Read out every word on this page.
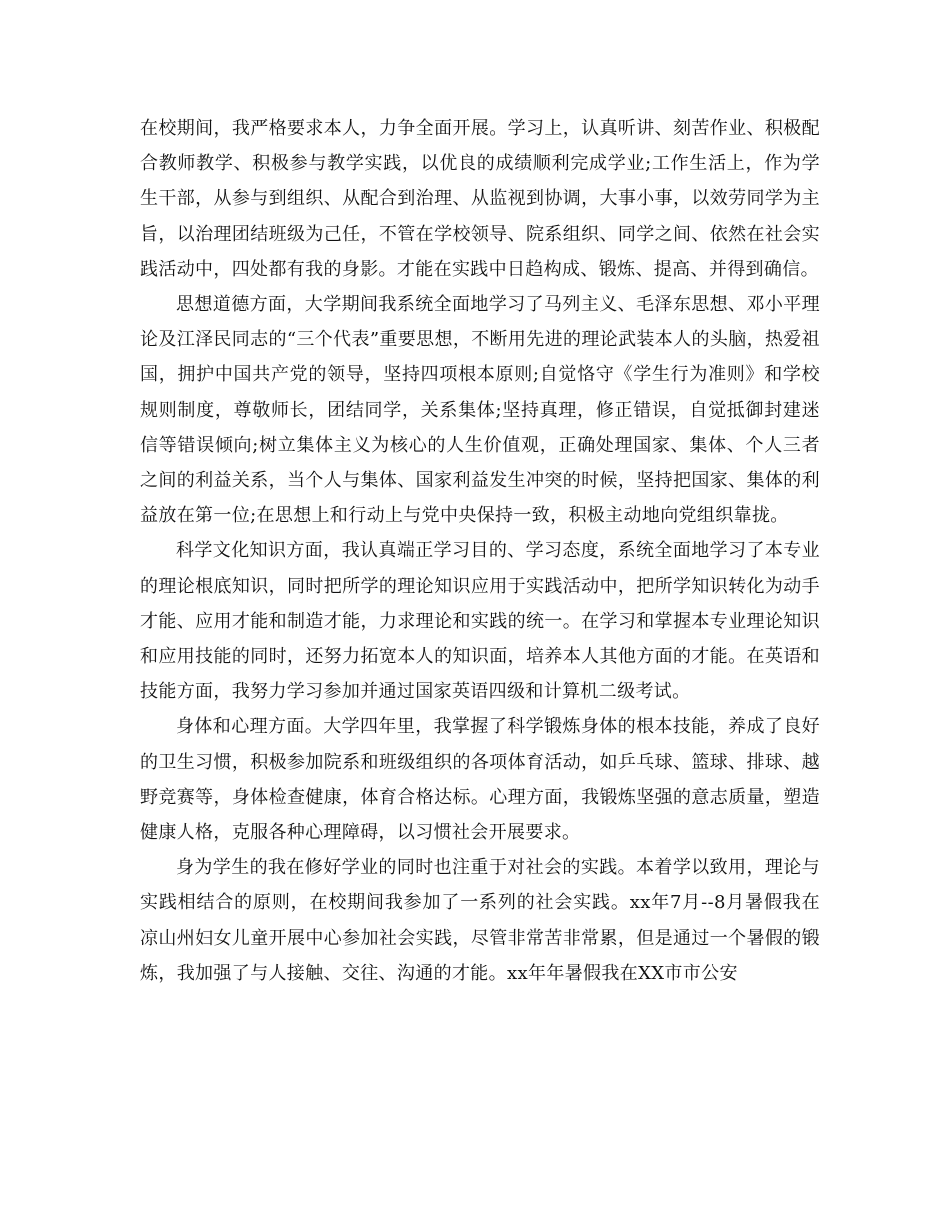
在校期间，我严格要求本人，力争全面开展。学习上，认真听讲、刻苦作业、积极配合教师教学、积极参与教学实践，以优良的成绩顺利完成学业;工作生活上，作为学生干部，从参与到组织、从配合到治理、从监视到协调，大事小事，以效劳同学为主旨，以治理团结班级为己任，不管在学校领导、院系组织、同学之间、依然在社会实践活动中，四处都有我的身影。才能在实践中日趋构成、锻炼、提高、并得到确信。

思想道德方面，大学期间我系统全面地学习了马列主义、毛泽东思想、邓小平理论及江泽民同志的“三个代表”重要思想，不断用先进的理论武装本人的头脑，热爱祖国，拥护中国共产党的领导，坚持四项根本原则;自觉恪守《学生行为准则》和学校规则制度，尊敬师长，团结同学，关系集体;坚持真理，修正错误，自觉抵御封建迷信等错误倾向;树立集体主义为核心的人生价值观，正确处理国家、集体、个人三者之间的利益关系，当个人与集体、国家利益发生冲突的时候，坚持把国家、集体的利益放在第一位;在思想上和行动上与党中央保持一致，积极主动地向党组织靠拢。

科学文化知识方面，我认真端正学习目的、学习态度，系统全面地学习了本专业的理论根底知识，同时把所学的理论知识应用于实践活动中，把所学知识转化为动手才能、应用才能和制造才能，力求理论和实践的统一。在学习和掌握本专业理论知识和应用技能的同时，还努力拓宽本人的知识面，培养本人其他方面的才能。在英语和技能方面，我努力学习参加并通过国家英语四级和计算机二级考试。

身体和心理方面。大学四年里，我掌握了科学锻炼身体的根本技能，养成了良好的卫生习惯，积极参加院系和班级组织的各项体育活动，如乒乓球、篮球、排球、越野竞赛等，身体检查健康，体育合格达标。心理方面，我锻炼坚强的意志质量，塑造健康人格，克服各种心理障碍，以习惯社会开展要求。

身为学生的我在修好学业的同时也注重于对社会的实践。本着学以致用，理论与实践相结合的原则，在校期间我参加了一系列的社会实践。xx年7月--8月暑假我在凉山州妇女儿童开展中心参加社会实践，尽管非常苦非常累，但是通过一个暑假的锻炼，我加强了与人接触、交往、沟通的才能。xx年年暑假我在XX市市公安
